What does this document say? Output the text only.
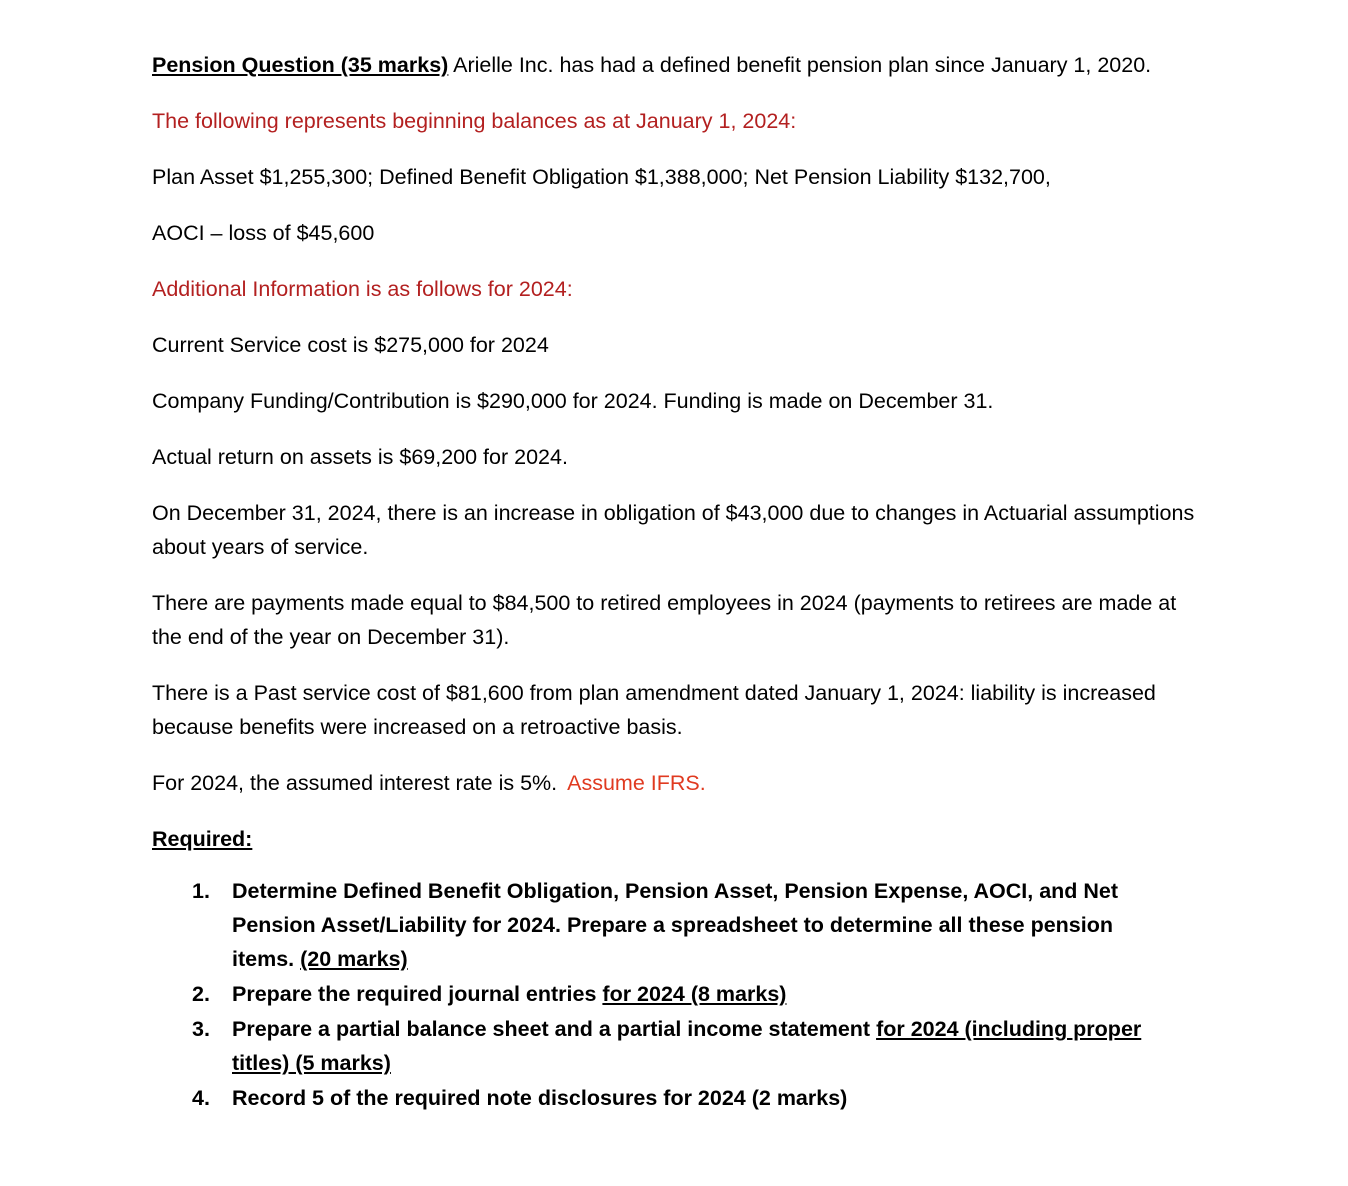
Pension Question (35 marks) Arielle Inc. has had a defined benefit pension plan since January 1, 2020.

The following represents beginning balances as at January 1, 2024:

Plan Asset $1,255,300; Defined Benefit Obligation $1,388,000; Net Pension Liability $132,700,

AOCI – loss of $45,600

Additional Information is as follows for 2024:

Current Service cost is $275,000 for 2024

Company Funding/Contribution is $290,000 for 2024. Funding is made on December 31.

Actual return on assets is $69,200 for 2024.

On December 31, 2024, there is an increase in obligation of $43,000 due to changes in Actuarial assumptions about years of service.

There are payments made equal to $84,500 to retired employees in 2024 (payments to retirees are made at the end of the year on December 31).

There is a Past service cost of $81,600 from plan amendment dated January 1, 2024: liability is increased because benefits were increased on a retroactive basis.

For 2024, the assumed interest rate is 5%. Assume IFRS.

Required:

Determine Defined Benefit Obligation, Pension Asset, Pension Expense, AOCI, and Net Pension Asset/Liability for 2024. Prepare a spreadsheet to determine all these pension items. (20 marks)
Prepare the required journal entries for 2024 (8 marks)
Prepare a partial balance sheet and a partial income statement for 2024 (including proper titles) (5 marks)
Record 5 of the required note disclosures for 2024 (2 marks)
